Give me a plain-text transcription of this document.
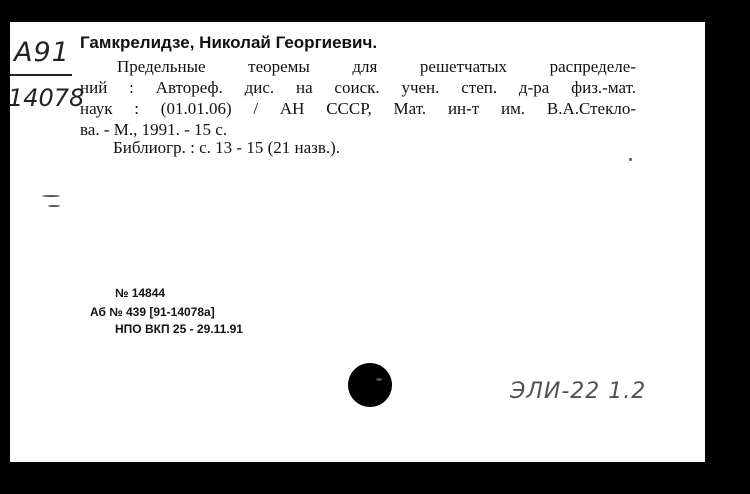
A91
14078
Гамкрелидзе, Николай Георгиевич.
Предельные теоремы для решетчатых распределе-
ний : Автореф. дис. на соиск. учен. степ. д-ра физ.-мат.
наук : (01.01.06) / АН СССР, Мат. ин-т им. В.А.Стекло-
ва. - М., 1991. - 15 с.
Библиогр. : с. 13 - 15 (21 назв.).
№ 14844
Аб № 439 [91-14078а]
НПО ВКП 25 - 29.11.91
ЭЛИ-22 1.2
